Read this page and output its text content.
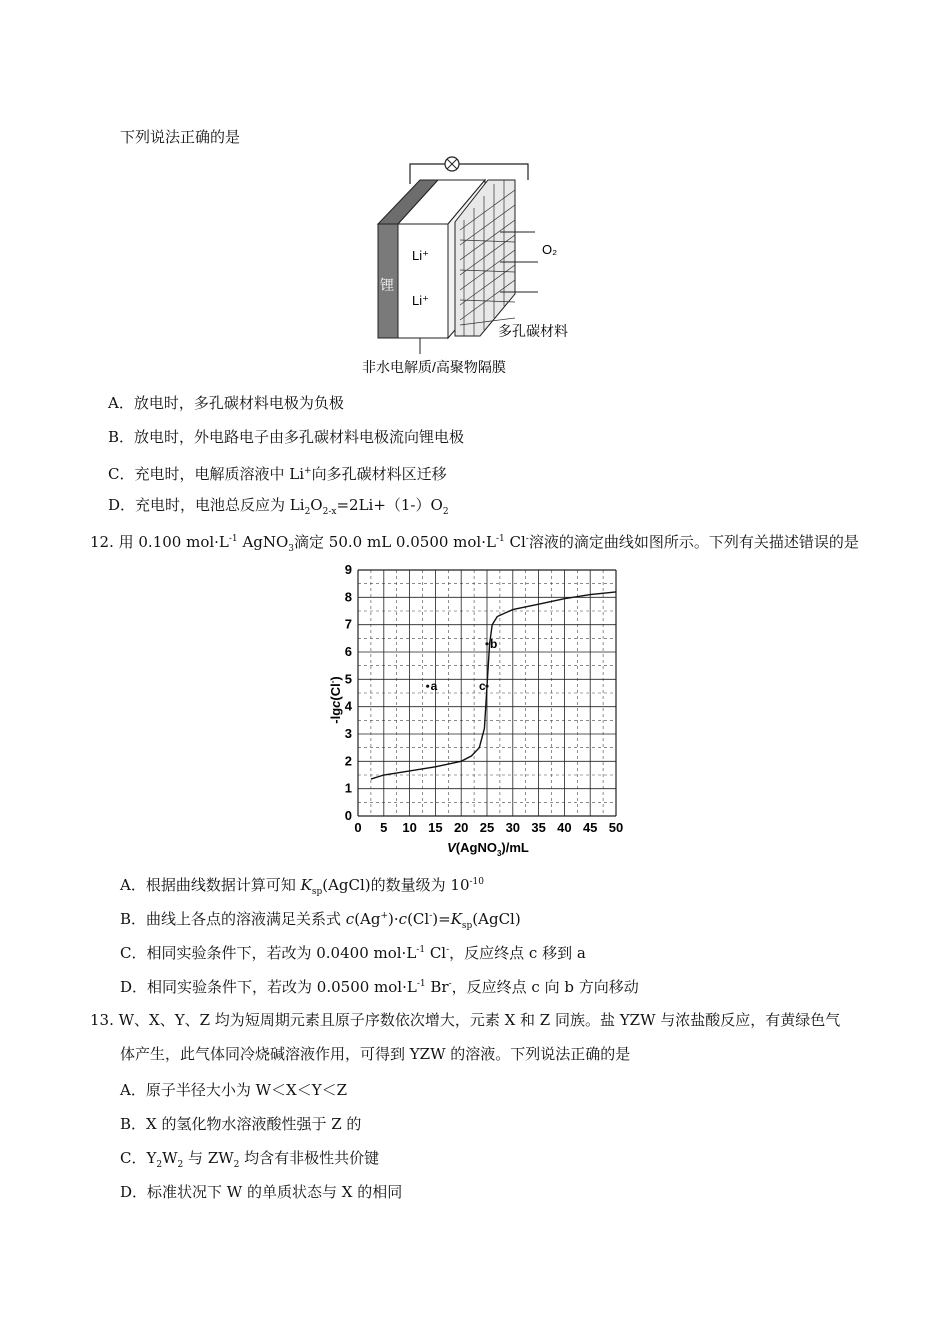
下列说法正确的是
锂
Li⁺
Li⁺
O₂
多孔碳材料
非水电解质/高聚物隔膜
A．放电时，多孔碳材料电极为负极
B．放电时，外电路电子由多孔碳材料电极流向锂电极
C．充电时，电解质溶液中 Li+向多孔碳材料区迁移
D．充电时，电池总反应为 $Li_2O_{2-x}=2Li+(1-)O_2$
12. 用 0.100 $mol\cdot L^{-1}$ AgNO$_3$滴定 50.0 mL 0.0500 $mol\cdot L^{-1}$ Cl-溶液的滴定曲线如图所示。下列有关描述错误的是
0 5 10 15 20 25 30 35 40 45 50
0
1
2
3
4
5
6
7
8
9
a
b
c
-lgc(Cl-)
V(AgNO$_3$)/mL
A．根据曲线数据计算可知 $K_{sp}(AgCl)$的数量级为 $10^{-10}$
B．曲线上各点的溶液满足关系式 $c(Ag^+)\cdot c(Cl^-)=K_{sp}(AgCl)$
C．相同实验条件下，若改为 0.0400 $mol\cdot L^{-1}$ Cl-，反应终点 c 移到 a
D．相同实验条件下，若改为 0.0500 $mol\cdot L^{-1}$ Br-，反应终点 c 向 b 方向移动
13. W、X、Y、Z 均为短周期元素且原子序数依次增大，元素 X 和 Z 同族。盐 YZW 与浓盐酸反应，有黄绿色气
体产生，此气体同冷烧碱溶液作用，可得到 YZW 的溶液。下列说法正确的是
A．原子半径大小为 W＜X＜Y＜Z
B．X 的氢化物水溶液酸性强于 Z 的
C．$Y_2W_2$ 与 $ZW_2$ 均含有非极性共价键
D．标准状况下 W 的单质状态与 X 的相同
